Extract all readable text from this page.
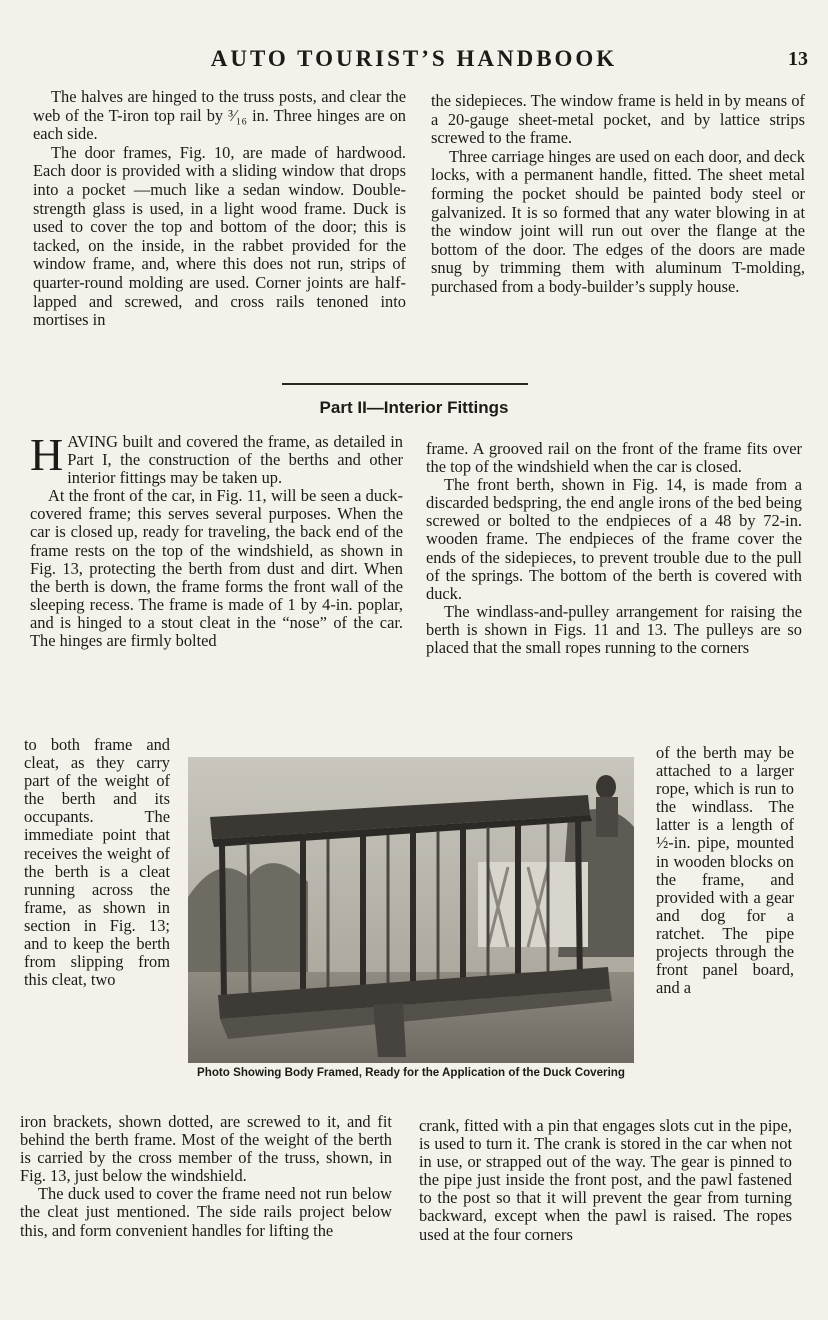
AUTO TOURIST’S HANDBOOK	13

The halves are hinged to the truss posts, and clear the web of the T-iron top rail by ³⁄₁₆ in. Three hinges are on each side.

The door frames, Fig. 10, are made of hardwood. Each door is provided with a sliding window that drops into a pocket —much like a sedan window. Double-strength glass is used, in a light wood frame. Duck is used to cover the top and bottom of the door; this is tacked, on the inside, in the rabbet provided for the window frame, and, where this does not run, strips of quarter-round molding are used. Corner joints are half-lapped and screwed, and cross rails tenoned into mortises in

the sidepieces. The window frame is held in by means of a 20-gauge sheet-metal pocket, and by lattice strips screwed to the frame.

Three carriage hinges are used on each door, and deck locks, with a permanent handle, fitted. The sheet metal forming the pocket should be painted body steel or galvanized. It is so formed that any water blowing in at the window joint will run out over the flange at the bottom of the door. The edges of the doors are made snug by trimming them with aluminum T-molding, purchased from a body-builder’s supply house.

Part II—Interior Fittings

HAVING built and covered the frame, as detailed in Part I, the construction of the berths and other interior fittings may be taken up.

At the front of the car, in Fig. 11, will be seen a duck-covered frame; this serves several purposes. When the car is closed up, ready for traveling, the back end of the frame rests on the top of the windshield, as shown in Fig. 13, protecting the berth from dust and dirt. When the berth is down, the frame forms the front wall of the sleeping recess. The frame is made of 1 by 4-in. poplar, and is hinged to a stout cleat in the “nose” of the car. The hinges are firmly bolted

frame. A grooved rail on the front of the frame fits over the top of the windshield when the car is closed.

The front berth, shown in Fig. 14, is made from a discarded bedspring, the end angle irons of the bed being screwed or bolted to the endpieces of a 48 by 72-in. wooden frame. The endpieces of the frame cover the ends of the sidepieces, to prevent trouble due to the pull of the springs. The bottom of the berth is covered with duck.

The windlass-and-pulley arrangement for raising the berth is shown in Figs. 11 and 13. The pulleys are so placed that the small ropes running to the corners

to both frame and cleat, as they carry part of the weight of the berth and its occupants. The immediate point that receives the weight of the berth is a cleat running across the frame, as shown in section in Fig. 13; and to keep the berth from slipping from this cleat, two
of the berth may be attached to a larger rope, which is run to the windlass. The latter is a length of ½-in. pipe, mounted in wooden blocks on the frame, and provided with a gear and dog for a ratchet. The pipe projects through the front panel board, and a
Photo Showing Body Framed, Ready for the Application of the Duck Covering

iron brackets, shown dotted, are screwed to it, and fit behind the berth frame. Most of the weight of the berth is carried by the cross member of the truss, shown, in Fig. 13, just below the windshield.

The duck used to cover the frame need not run below the cleat just mentioned. The side rails project below this, and form convenient handles for lifting the

crank, fitted with a pin that engages slots cut in the pipe, is used to turn it. The crank is stored in the car when not in use, or strapped out of the way. The gear is pinned to the pipe just inside the front post, and the pawl fastened to the post so that it will prevent the gear from turning backward, except when the pawl is raised. The ropes used at the four corners
